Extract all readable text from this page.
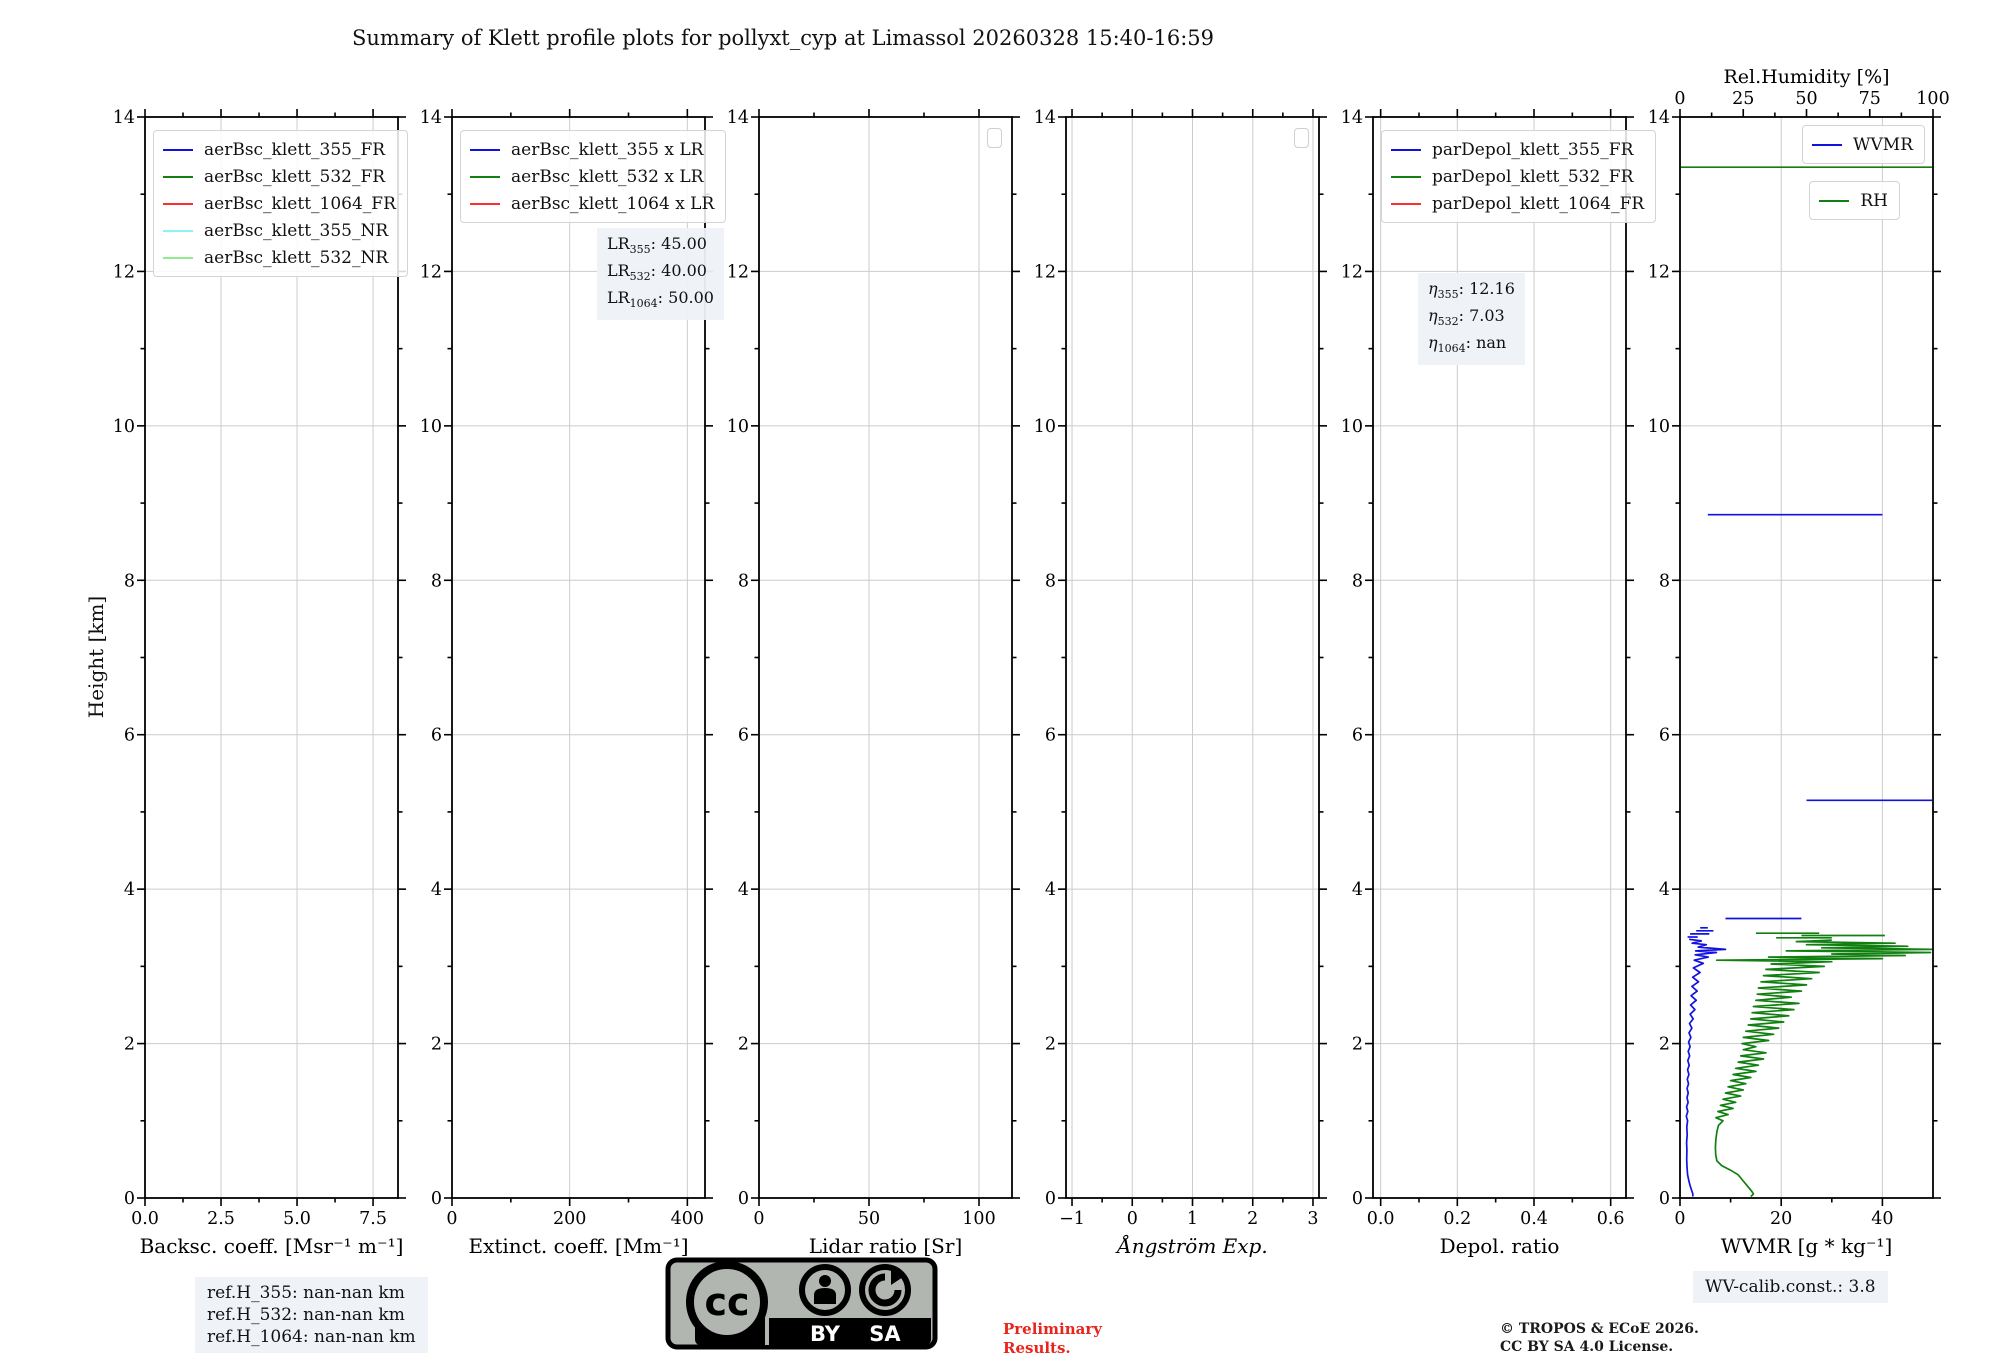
Summary of Klett profile plots for pollyxt_cyp at Limassol 20260328 15:40-16:59
Height [km]
0.0	2.5	5.0	7.5
0
2
4
6
8
10
12
14
Backsc. coeff. [Msr⁻¹ m⁻¹]
aerBsc_klett_355_FR
aerBsc_klett_532_FR
aerBsc_klett_1064_FR
aerBsc_klett_355_NR
aerBsc_klett_532_NR
0	200	400
0
2
4
6
8
10
12
14
Extinct. coeff. [Mm⁻¹]
aerBsc_klett_355 x LR
aerBsc_klett_532 x LR
aerBsc_klett_1064 x LR
$LR_{355}$: 45.00
$LR_{532}$: 40.00
$LR_{1064}$: 50.00
0	50	100
0
2
4
6
8
10
12
14
Lidar ratio [Sr]
−1 0	1	2	3
0
2
4
6
8
10
12
14
Ångström Exp.
0.0	0.2	0.4	0.6
0
2
4
6
8
10
12
14
Depol. ratio
parDepol_klett_355_FR
parDepol_klett_532_FR
parDepol_klett_1064_FR
$\eta_{355}$: 12.16
$\eta_{532}$: 7.03
$\eta_{1064}$: nan
0	20	40
0
2
4
6
8
10
12
14
0	25 50 75 100
Rel.Humidity [%]
WVMR [g * kg⁻¹]
WVMR
RH
ref.H_355: nan-nan km
ref.H_532: nan-nan km
ref.H_1064: nan-nan km
cc
BY SA	Preliminary
Results.
© TROPOS & ECoE 2026.
CC BY SA 4.0 License.
WV-calib.const.: 3.8
